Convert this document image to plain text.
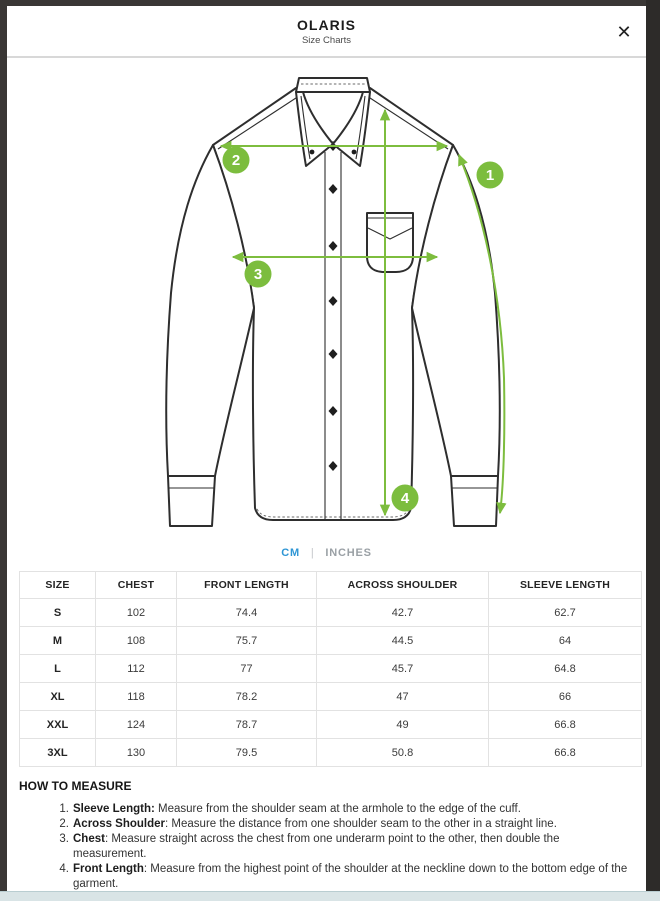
OLARIS
Size Charts	✕
1
2
3
4
CM | INCHES
SIZE	CHEST	FRONT LENGTH	ACROSS SHOULDER	SLEEVE LENGTH
S	102	74.4	42.7	62.7
M	108	75.7	44.5	64
L	112	77	45.7	64.8
XL	118	78.2	47	66
XXL	124	78.7	49	66.8
3XL	130	79.5	50.8	66.8
HOW TO MEASURE
1. Sleeve Length: Measure from the shoulder seam at the armhole to the edge of the cuff.
2. Across Shoulder: Measure the distance from one shoulder seam to the other in a straight line.
3. Chest: Measure straight across the chest from one underarm point to the other, then double the measurement.
4. Front Length: Measure from the highest point of the shoulder at the neckline down to the bottom edge of the garment.
